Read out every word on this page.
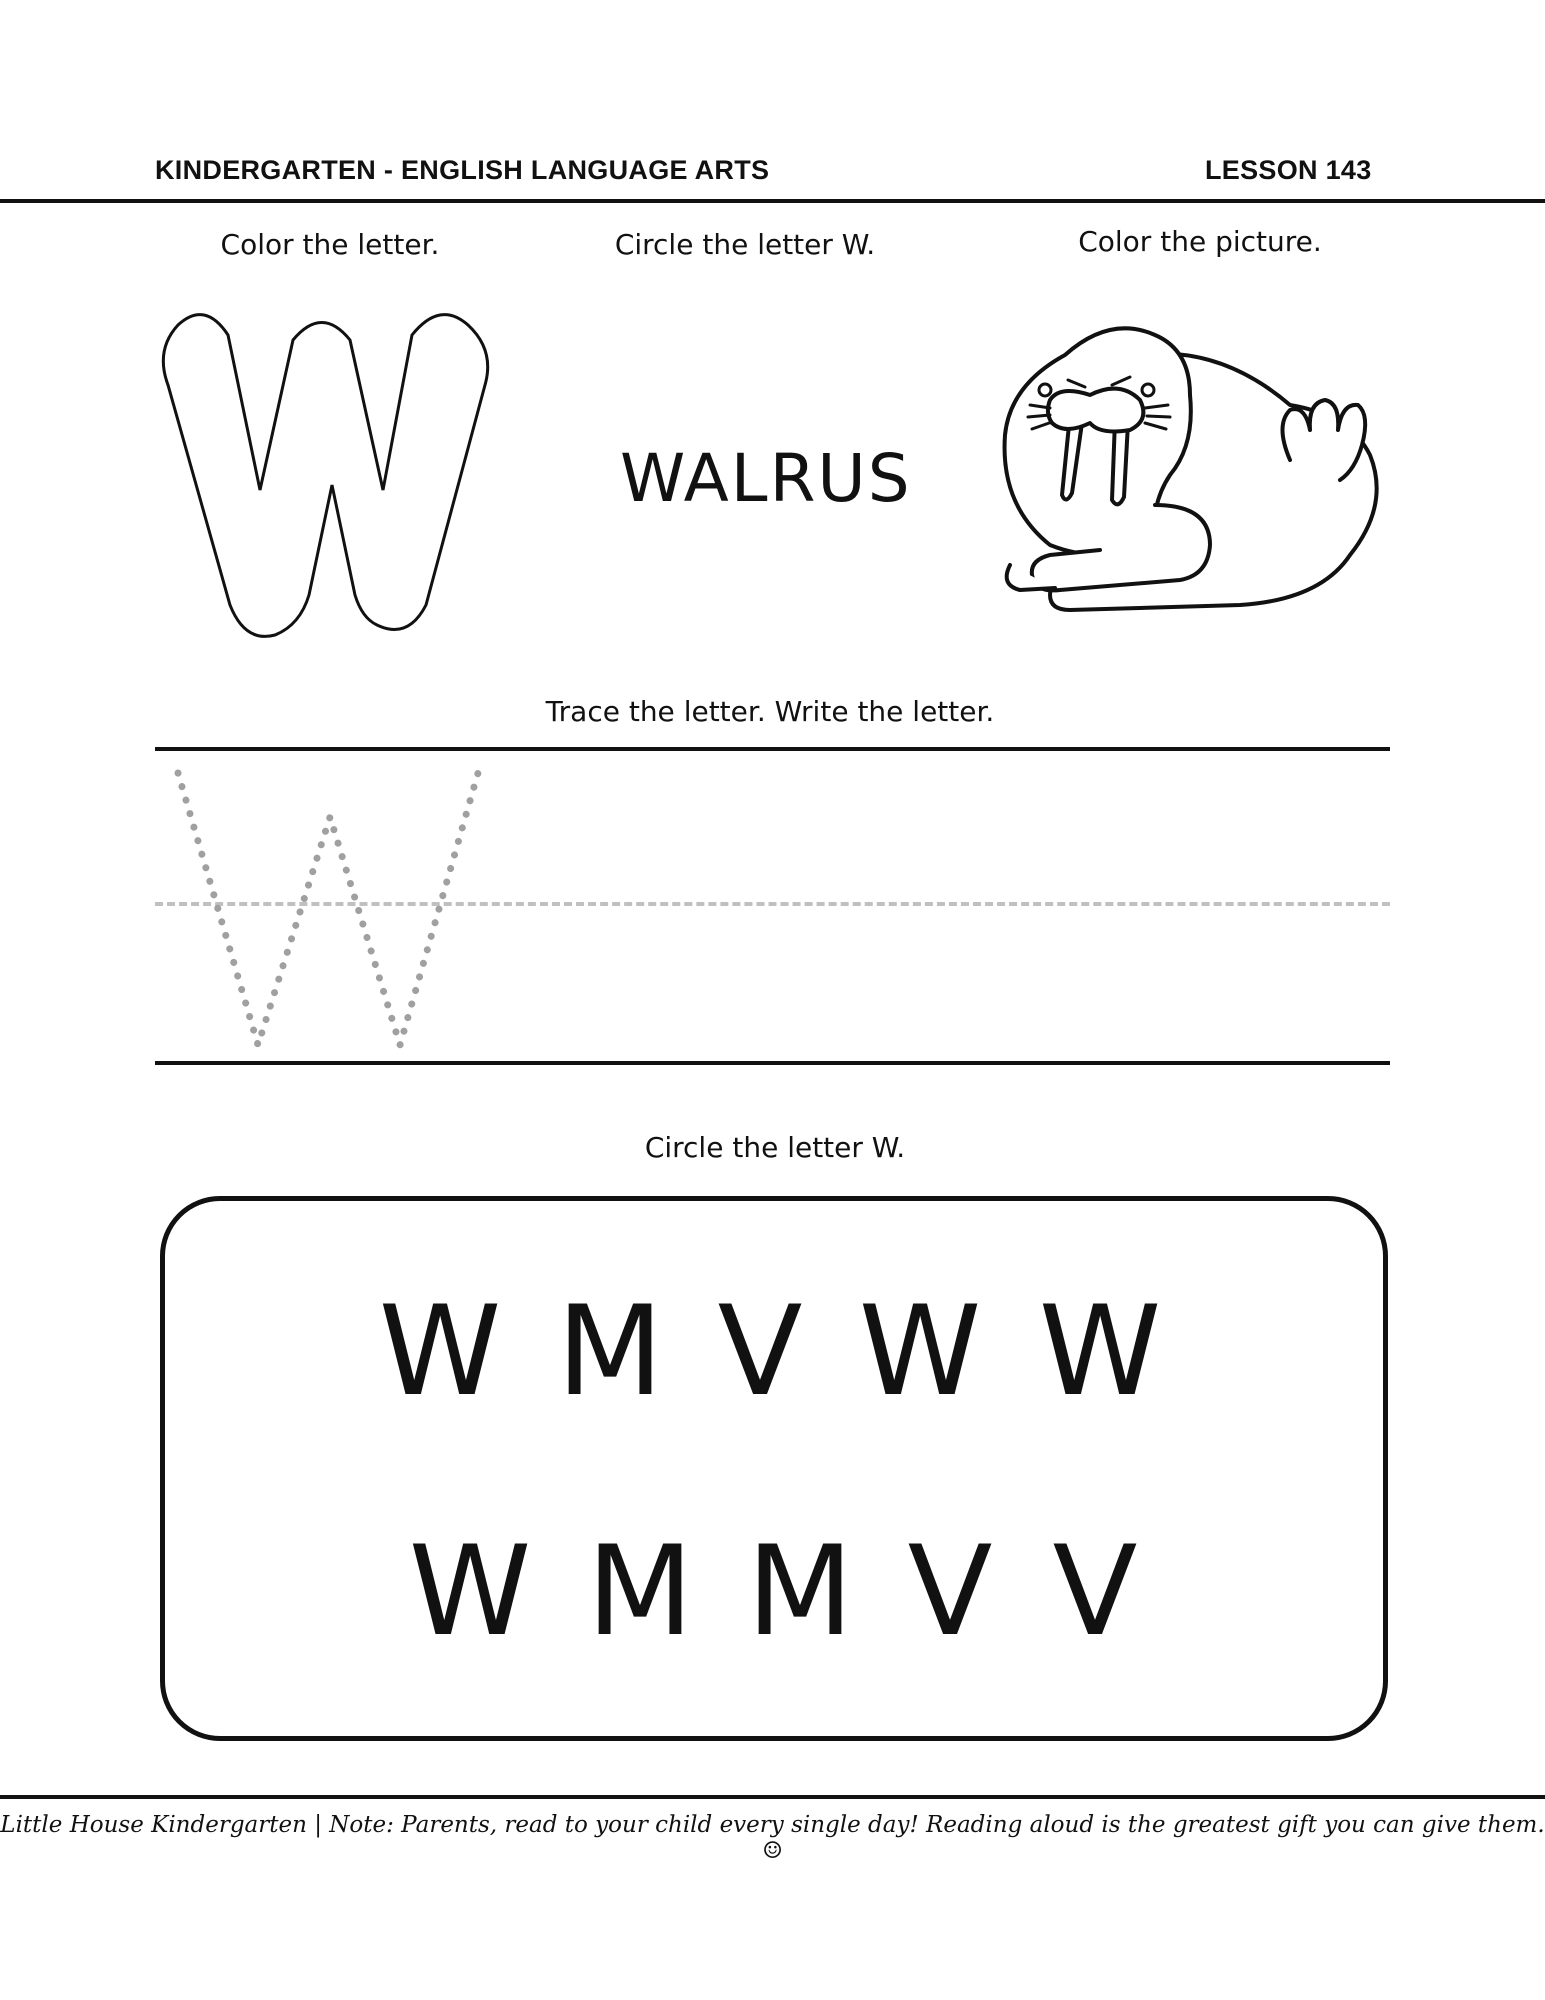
KINDERGARTEN - ENGLISH LANGUAGE ARTS	LESSON 143
Color the letter.	Circle the letter W.	Color the picture.
WALRUS
Trace the letter. Write the letter.
Circle the letter W.
W M V W W
W M M V V
Little House Kindergarten | Note: Parents, read to your child every single day! Reading aloud is the greatest gift you can give them. ☺
